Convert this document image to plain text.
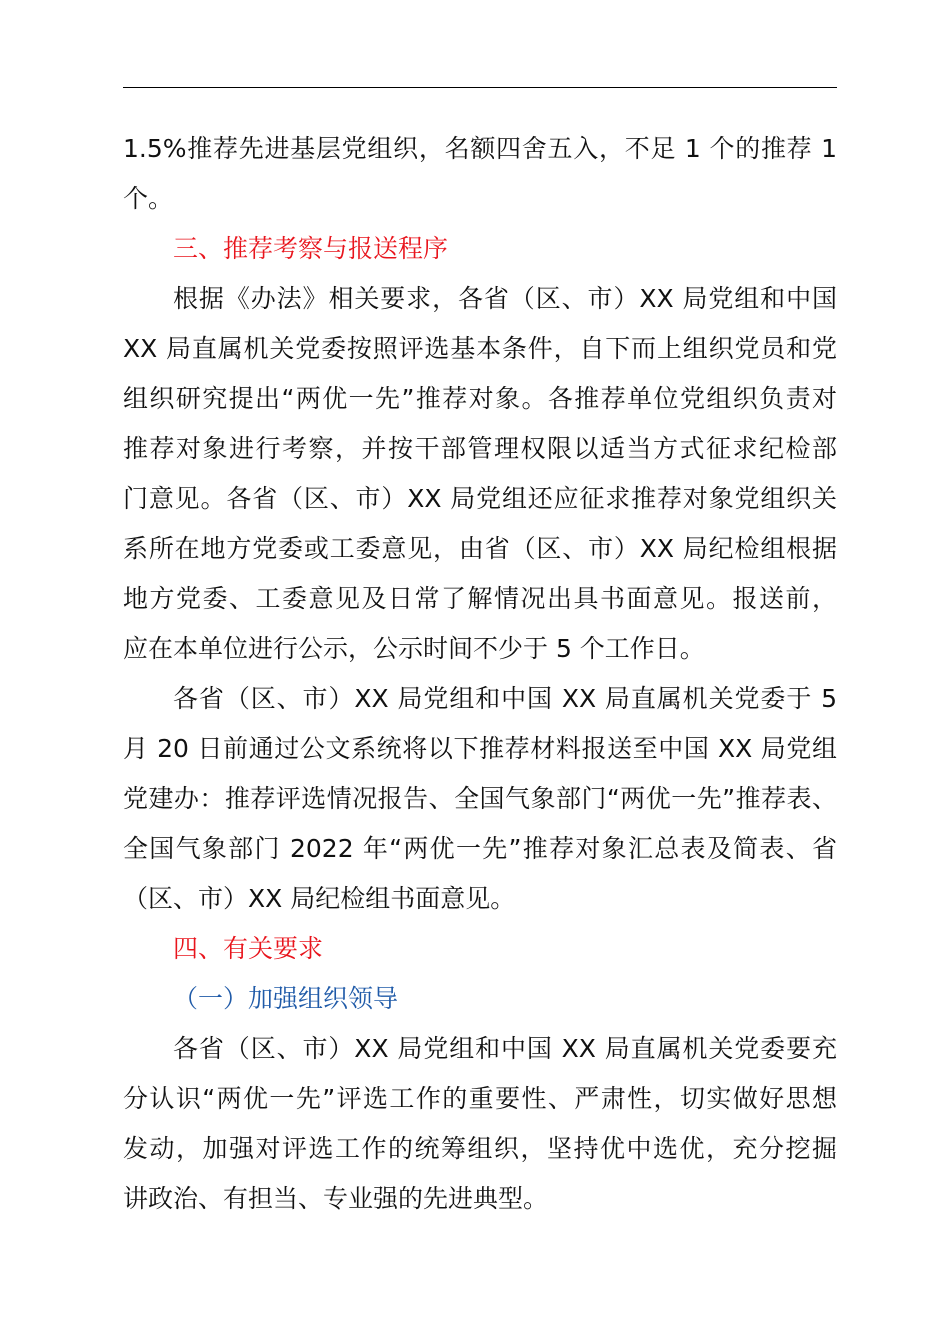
1.5%推荐先进基层党组织，名额四舍五入，不足 1 个的推荐 1
个。
三、推荐考察与报送程序
根据《办法》相关要求，各省（区、市）XX 局党组和中国
XX 局直属机关党委按照评选基本条件，自下而上组织党员和党
组织研究提出“两优一先”推荐对象。各推荐单位党组织负责对
推荐对象进行考察，并按干部管理权限以适当方式征求纪检部
门意见。各省（区、市）XX 局党组还应征求推荐对象党组织关
系所在地方党委或工委意见，由省（区、市）XX 局纪检组根据
地方党委、工委意见及日常了解情况出具书面意见。报送前，
应在本单位进行公示，公示时间不少于 5 个工作日。
各省（区、市）XX 局党组和中国 XX 局直属机关党委于 5
月 20 日前通过公文系统将以下推荐材料报送至中国 XX 局党组
党建办：推荐评选情况报告、全国气象部门“两优一先”推荐表、
全国气象部门 2022 年“两优一先”推荐对象汇总表及简表、省
（区、市）XX 局纪检组书面意见。
四、有关要求
（一）加强组织领导
各省（区、市）XX 局党组和中国 XX 局直属机关党委要充
分认识“两优一先”评选工作的重要性、严肃性，切实做好思想
发动，加强对评选工作的统筹组织，坚持优中选优，充分挖掘
讲政治、有担当、专业强的先进典型。
